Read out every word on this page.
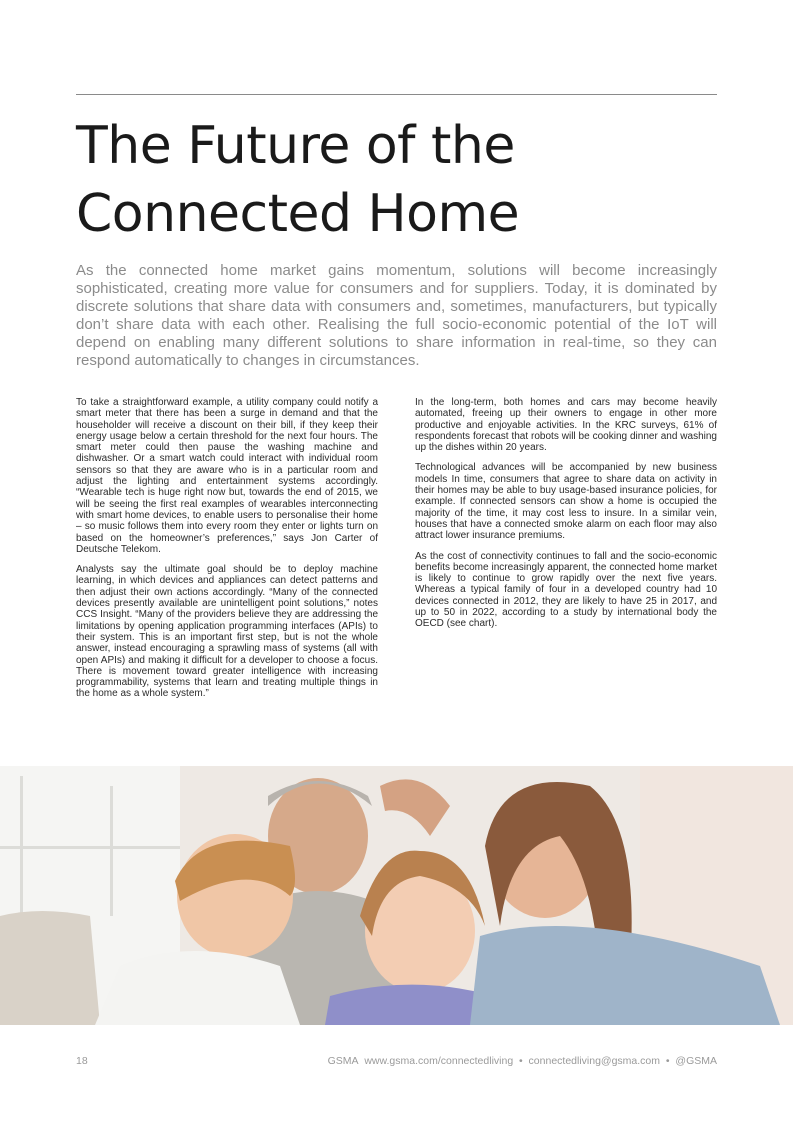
The Future of the
Connected Home

As the connected home market gains momentum, solutions will become increasingly sophisticated, creating more value for consumers and for suppliers. Today, it is dominated by discrete solutions that share data with consumers and, sometimes, manufacturers, but typically don’t share data with each other. Realising the full socio-economic potential of the IoT will depend on enabling many different solutions to share information in real-time, so they can respond automatically to changes in circumstances.

To take a straightforward example, a utility company could notify a smart meter that there has been a surge in demand and that the householder will receive a discount on their bill, if they keep their energy usage below a certain threshold for the next four hours. The smart meter could then pause the washing machine and dishwasher. Or a smart watch could interact with individual room sensors so that they are aware who is in a particular room and adjust the lighting and entertainment systems accordingly. “Wearable tech is huge right now but, towards the end of 2015, we will be seeing the first real examples of wearables interconnecting with smart home devices, to enable users to personalise their home – so music follows them into every room they enter or lights turn on based on the homeowner’s preferences,” says Jon Carter of Deutsche Telekom.

Analysts say the ultimate goal should be to deploy machine learning, in which devices and appliances can detect patterns and then adjust their own actions accordingly. “Many of the connected devices presently available are unintelligent point solutions,” notes CCS Insight. “Many of the providers believe they are addressing the limitations by opening application programming interfaces (APIs) to their system. This is an important first step, but is not the whole answer, instead encouraging a sprawling mass of systems (all with open APIs) and making it difficult for a developer to choose a focus. There is movement toward greater intelligence with increasing programmability, systems that learn and treating multiple things in the home as a whole system.”

In the long-term, both homes and cars may become heavily automated, freeing up their owners to engage in other more productive and enjoyable activities. In the KRC surveys, 61% of respondents forecast that robots will be cooking dinner and washing up the dishes within 20 years.

Technological advances will be accompanied by new business models In time, consumers that agree to share data on activity in their homes may be able to buy usage-based insurance policies, for example. If connected sensors can show a home is occupied the majority of the time, it may cost less to insure. In a similar vein, houses that have a connected smoke alarm on each floor may also attract lower insurance premiums.

As the cost of connectivity continues to fall and the socio-economic benefits become increasingly apparent, the connected home market is likely to continue to grow rapidly over the next five years. Whereas a typical family of four in a developed country had 10 devices connected in 2012, they are likely to have 25 in 2017, and up to 50 in 2022, according to a study by international body the OECD (see chart).

18	GSMA www.gsma.com/connectedliving • connectedliving@gsma.com • @GSMA
